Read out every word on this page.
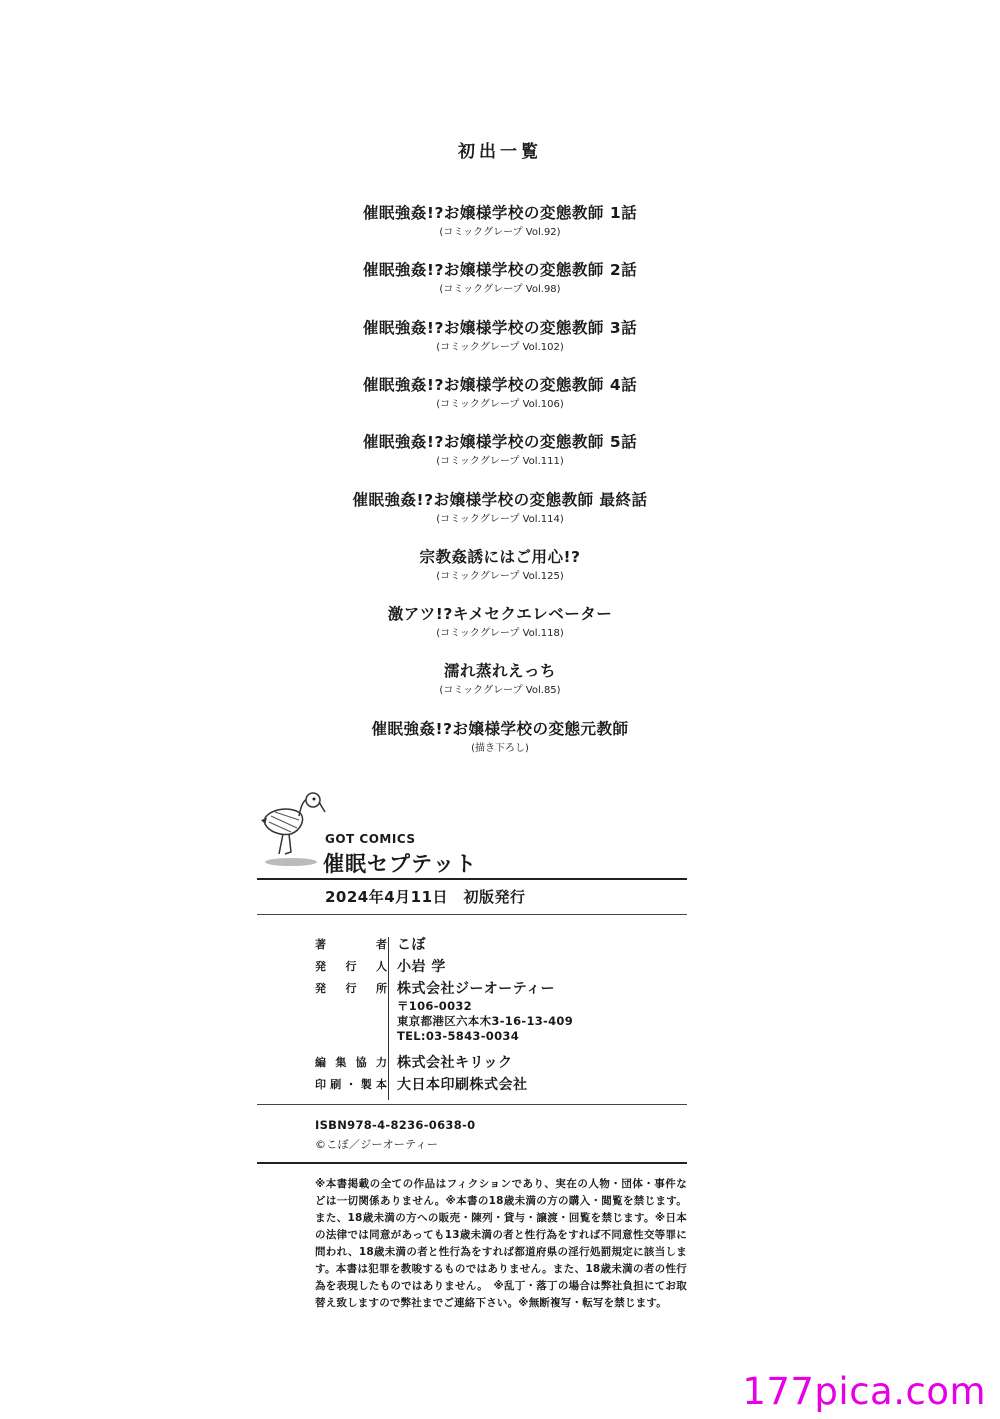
初出一覧
催眠強姦!?お嬢様学校の変態教師 1話
(コミックグレープ Vol.92)
催眠強姦!?お嬢様学校の変態教師 2話
(コミックグレープ Vol.98)
催眠強姦!?お嬢様学校の変態教師 3話
(コミックグレープ Vol.102)
催眠強姦!?お嬢様学校の変態教師 4話
(コミックグレープ Vol.106)
催眠強姦!?お嬢様学校の変態教師 5話
(コミックグレープ Vol.111)
催眠強姦!?お嬢様学校の変態教師 最終話
(コミックグレープ Vol.114)
宗教姦誘にはご用心!?
(コミックグレープ Vol.125)
激アツ!?キメセクエレベーター
(コミックグレープ Vol.118)
濡れ蒸れえっち
(コミックグレープ Vol.85)
催眠強姦!?お嬢様学校の変態元教師
(描き下ろし)
GOT COMICS
催眠セプテット
2024年4月11日　初版発行
著者 こぼ
発行人 小岩 学
発行所 株式会社ジーオーティー
〒106-0032
東京都港区六本木3-16-13-409
TEL:03-5843-0034
編集協力 株式会社キリック
印刷・製本 大日本印刷株式会社
ISBN978-4-8236-0638-0
©こぼ／ジーオーティー
※本書掲載の全ての作品はフィクションであり、実在の人物・団体・事件などは一切関係ありません。※本書の18歳未満の方の購入・閲覧を禁じます。また、18歳未満の方への販売・陳列・貸与・譲渡・回覧を禁じます。※日本の法律では同意があっても13歳未満の者と性行為をすれば不同意性交等罪に問われ、18歳未満の者と性行為をすれば都道府県の淫行処罰規定に該当します。本書は犯罪を教唆するものではありません。また、18歳未満の者の性行為を表現したものではありません。　※乱丁・落丁の場合は弊社負担にてお取替え致しますので弊社までご連絡下さい。※無断複写・転写を禁じます。
177pica.com
